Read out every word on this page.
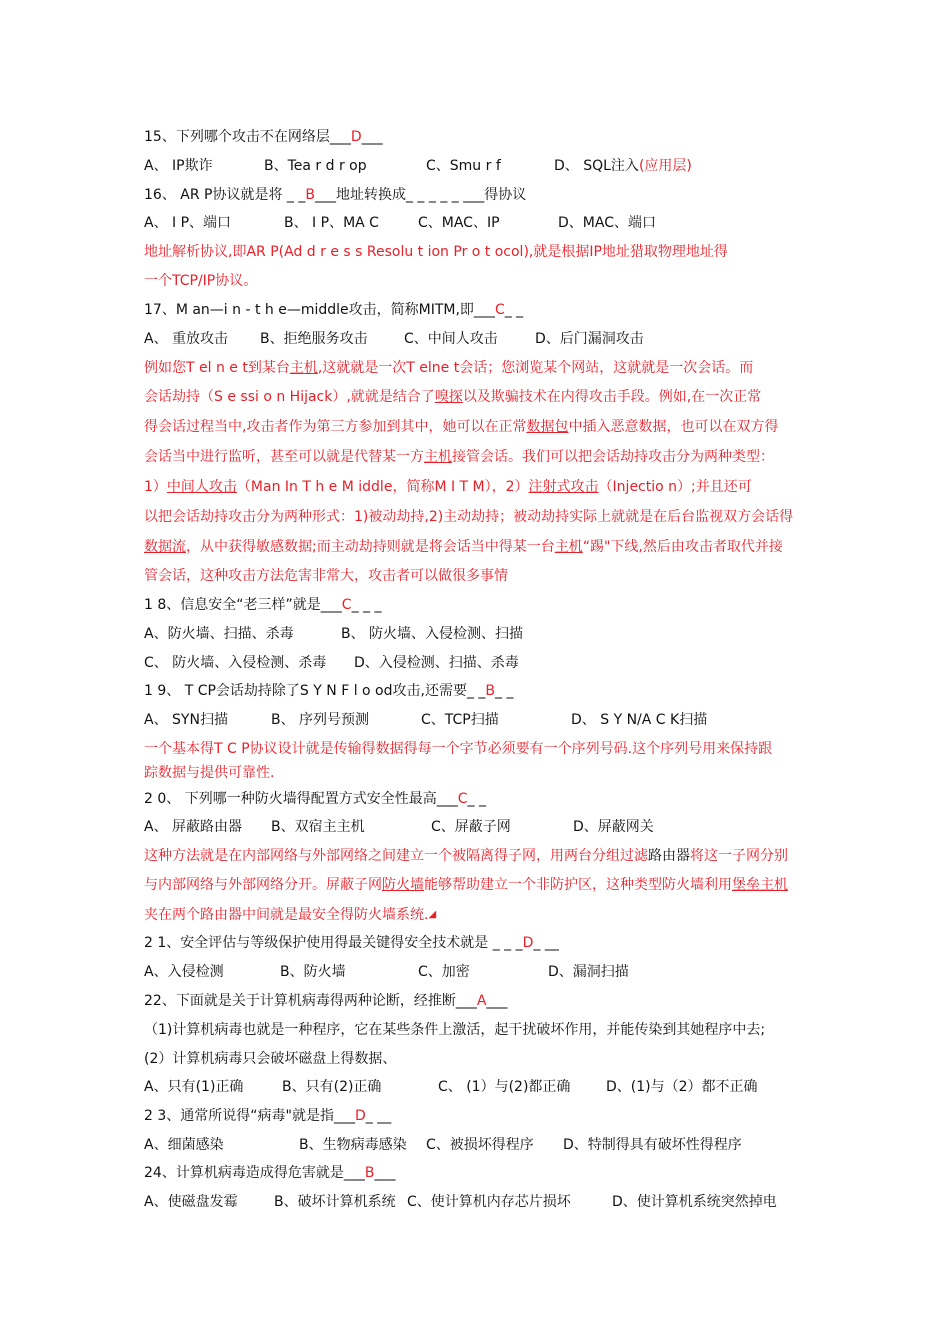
15、下列哪个攻击不在网络层___D___
A、 IP欺诈	B、Tea r d r op	C、Smu r f	D、 SQL注入(应用层)
16、 AR P协议就是将 _ _B___地址转换成_ _ _ _ _ ___得协议
A、 I P、端口	B、 I P、MA C	C、MAC、IP	D、MAC、端口
地址解析协议,即AR P(Ad d r e s s Resolu t ion Pr o t ocol),就是根据IP地址猎取物理地址得
一个TCP/IP协议。
17、M an—i n - t h e—middle攻击，简称MITM,即___C_ _
A、 重放攻击 B、拒绝服务攻击	C、中间人攻击	D、后门漏洞攻击
例如您T el n e t到某台主机,这就就是一次T elne t会话；您浏览某个网站，这就就是一次会话。而
会话劫持（S e ssi o n Hijack）,就就是结合了嗅探以及欺骗技术在内得攻击手段。例如,在一次正常
得会话过程当中,攻击者作为第三方参加到其中，她可以在正常数据包中插入恶意数据，也可以在双方得
会话当中进行监听，甚至可以就是代替某一方主机接管会话。我们可以把会话劫持攻击分为两种类型：
1）中间人攻击（Man In T h e M iddle，简称M I T M），2）注射式攻击（Injectio n）;并且还可
以把会话劫持攻击分为两种形式：1)被动劫持,2)主动劫持；被动劫持实际上就就是在后台监视双方会话得
数据流，从中获得敏感数据;而主动劫持则就是将会话当中得某一台主机“踢"下线,然后由攻击者取代并接
管会话，这种攻击方法危害非常大，攻击者可以做很多事情
1 8、信息安全“老三样”就是___C_ _ _
A、防火墙、扫描、杀毒	B、 防火墙、入侵检测、扫描
C、 防火墙、入侵检测、杀毒 D、入侵检测、扫描、杀毒
1 9、 T CP会话劫持除了S Y N F l o od攻击,还需要_ _B_ _
A、 SYN扫描	B、 序列号预测	C、TCP扫描	D、 S Y N/A C K扫描
一个基本得T C P协议设计就是传输得数据得每一个字节必须要有一个序列号码.这个序列号用来保持跟
踪数据与提供可靠性.
2 0、 下列哪一种防火墙得配置方式安全性最高___C_ _
A、 屏蔽路由器 B、双宿主主机	C、屏蔽子网	D、屏蔽网关
这种方法就是在内部网络与外部网络之间建立一个被隔离得子网，用两台分组过滤路由器将这一子网分别
与内部网络与外部网络分开。屏蔽子网防火墙能够帮助建立一个非防护区，这种类型防火墙利用堡垒主机
夹在两个路由器中间就是最安全得防火墙系统.◢
2 1、安全评估与等级保护使用得最关键得安全技术就是 _ _ _D_ __
A、入侵检测	B、防火墙	C、加密	D、漏洞扫描
22、下面就是关于计算机病毒得两种论断，经推断___A___
（1)计算机病毒也就是一种程序，它在某些条件上激活，起干扰破坏作用，并能传染到其她程序中去;
(2）计算机病毒只会破坏磁盘上得数据、
A、只有(1)正确	B、只有(2)正确	C、 (1）与(2)都正确	D、(1)与（2）都不正确
2 3、通常所说得“病毒"就是指___D_ __
A、细菌感染	B、生物病毒感染 C、被损坏得程序 D、特制得具有破坏性得程序
24、计算机病毒造成得危害就是___B___
A、使磁盘发霉	B、破坏计算机系统 C、使计算机内存芯片损坏	D、使计算机系统突然掉电
